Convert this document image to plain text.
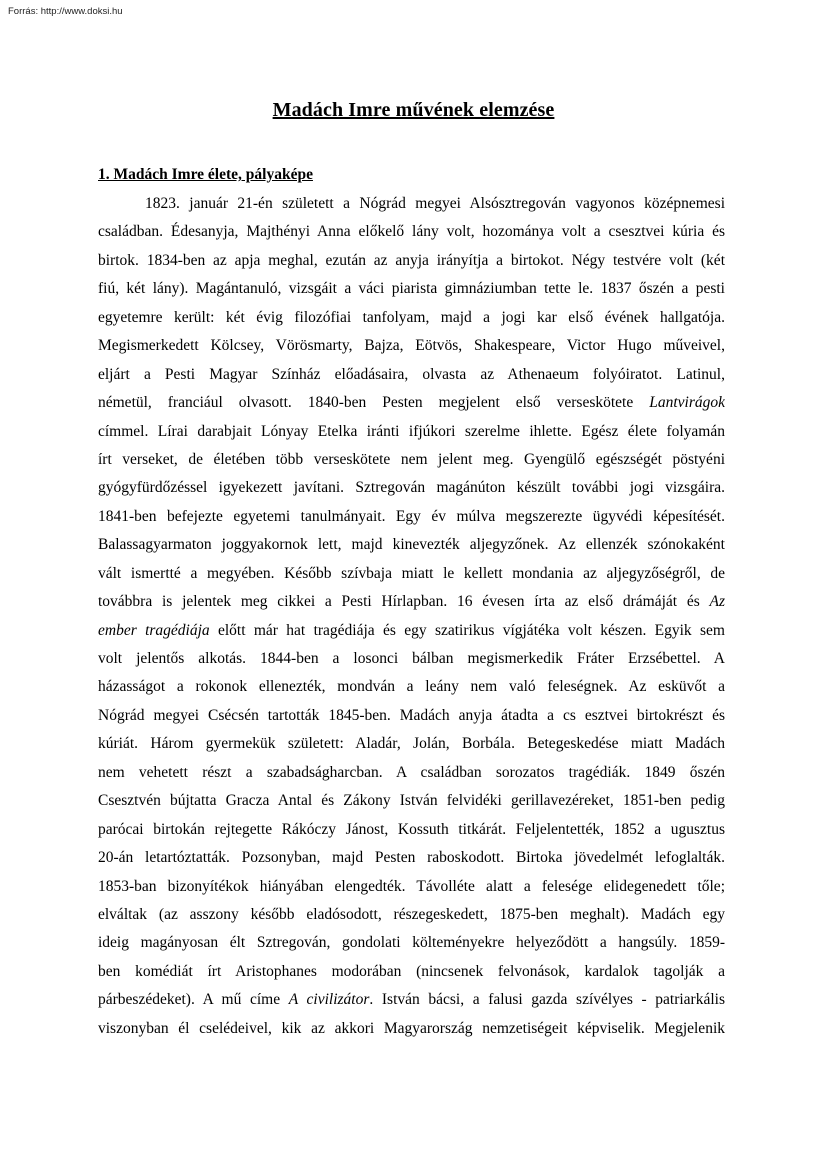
Forrás: http://www.doksi.hu
Madách Imre művének elemzése
1. Madách Imre élete, pályaképe
1823. január 21-én született a Nógrád megyei Alsósztregován vagyonos középnemesi
családban. Édesanyja, Majthényi Anna előkelő lány volt, hozománya volt a csesztvei kúria és
birtok. 1834-ben az apja meghal, ezután az anyja irányítja a birtokot. Négy testvére volt (két
fiú, két lány). Magántanuló, vizsgáit a váci piarista gimnáziumban tette le. 1837 őszén a pesti
egyetemre került: két évig filozófiai tanfolyam, majd a jogi kar első évének hallgatója.
Megismerkedett Kölcsey, Vörösmarty, Bajza, Eötvös, Shakespeare, Victor Hugo műveivel,
eljárt a Pesti Magyar Színház előadásaira, olvasta az Athenaeum folyóiratot. Latinul,
németül, franciául olvasott. 1840-ben Pesten megjelent első verseskötete Lantvirágok
címmel. Lírai darabjait Lónyay Etelka iránti ifjúkori szerelme ihlette. Egész élete folyamán
írt verseket, de életében több verseskötete nem jelent meg. Gyengülő egészségét pöstyéni
gyógyfürdőzéssel igyekezett javítani. Sztregován magánúton készült további jogi vizsgáira.
1841-ben befejezte egyetemi tanulmányait. Egy év múlva megszerezte ügyvédi képesítését.
Balassagyarmaton joggyakornok lett, majd kinevezték aljegyzőnek. Az ellenzék szónokaként
vált ismertté a megyében. Később szívbaja miatt le kellett mondania az aljegyzőségről, de
továbbra is jelentek meg cikkei a Pesti Hírlapban. 16 évesen írta az első drámáját és Az
ember tragédiája előtt már hat tragédiája és egy szatirikus vígjátéka volt készen. Egyik sem
volt jelentős alkotás. 1844-ben a losonci bálban megismerkedik Fráter Erzsébettel. A
házasságot a rokonok ellenezték, mondván a leány nem való feleségnek. Az esküvőt a
Nógrád megyei Csécsén tartották 1845-ben. Madách anyja átadta a cs esztvei birtokrészt és
kúriát. Három gyermekük született: Aladár, Jolán, Borbála. Betegeskedése miatt Madách
nem vehetett részt a szabadságharcban. A családban sorozatos tragédiák. 1849 őszén
Csesztvén bújtatta Gracza Antal és Zákony István felvidéki gerillavezéreket, 1851-ben pedig
parócai birtokán rejtegette Rákóczy Jánost, Kossuth titkárát. Feljelentették, 1852 a ugusztus
20-án letartóztatták. Pozsonyban, majd Pesten raboskodott. Birtoka jövedelmét lefoglalták.
1853-ban bizonyítékok hiányában elengedték. Távolléte alatt a felesége elidegenedett tőle;
elváltak (az asszony később eladósodott, részegeskedett, 1875-ben meghalt). Madách egy
ideig magányosan élt Sztregován, gondolati költeményekre helyeződött a hangsúly. 1859-
ben komédiát írt Aristophanes modorában (nincsenek felvonások, kardalok tagolják a
párbeszédeket). A mű címe A civilizátor. István bácsi, a falusi gazda szívélyes - patriarkális
viszonyban él cselédeivel, kik az akkori Magyarország nemzetiségeit képviselik. Megjelenik
